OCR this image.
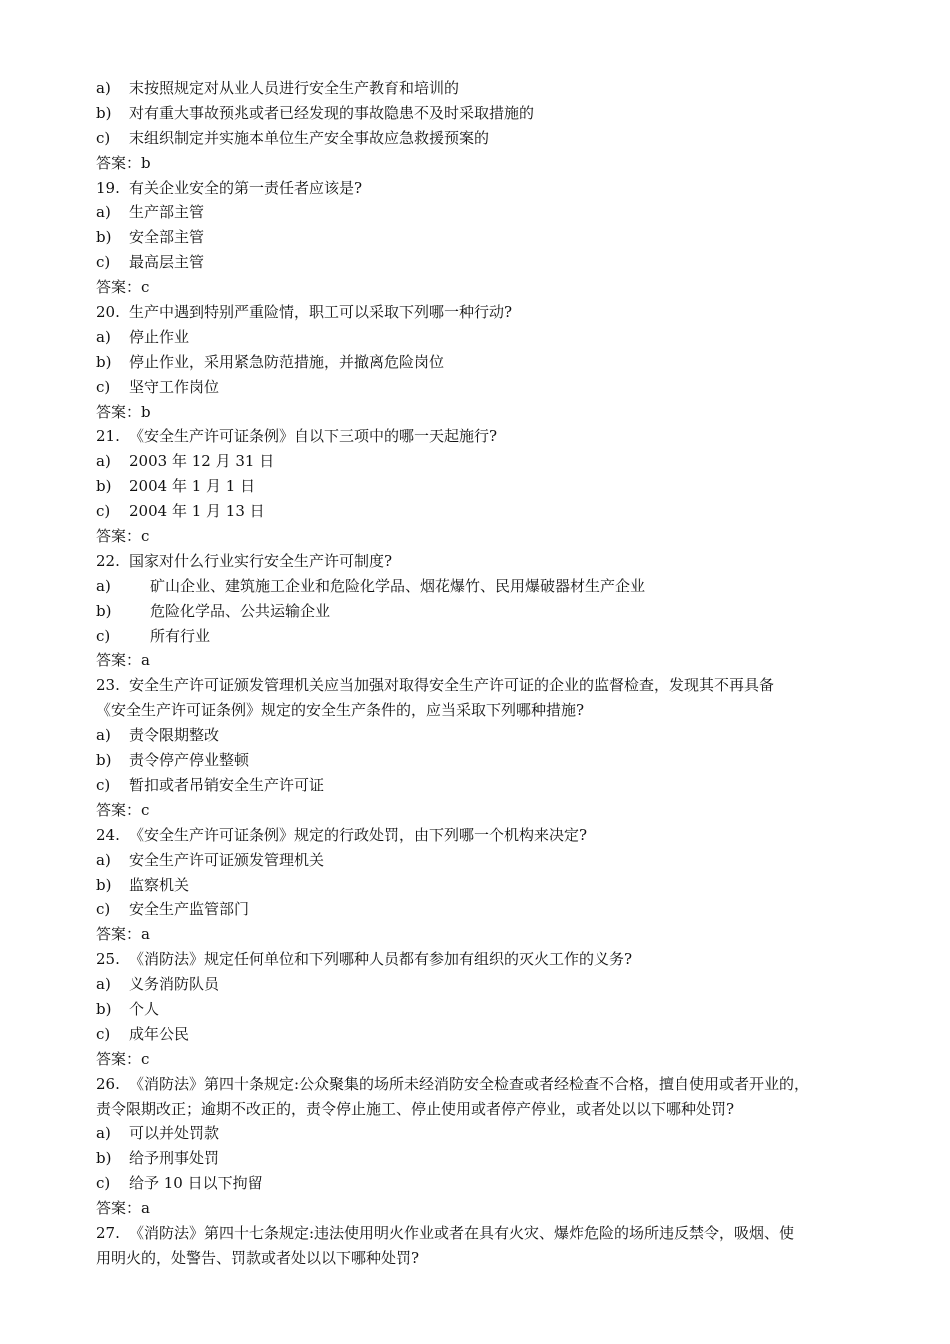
a) 末按照规定对从业人员进行安全生产教育和培训的
b) 对有重大事故预兆或者已经发现的事故隐患不及时采取措施的
c) 末组织制定并实施本单位生产安全事故应急救援预案的
答案：b
19. 有关企业安全的第一责任者应该是?
a) 生产部主管
b) 安全部主管
c) 最高层主管
答案：c
20. 生产中遇到特别严重险情，职工可以采取下列哪一种行动?
a) 停止作业
b) 停止作业，采用紧急防范措施，并撤离危险岗位
c) 坚守工作岗位
答案：b
21. 《安全生产许可证条例》自以下三项中的哪一天起施行?
a) 2003 年 12 月 31 日
b) 2004 年 1 月 1 日
c) 2004 年 1 月 13 日
答案：c
22. 国家对什么行业实行安全生产许可制度?
a)	矿山企业、建筑施工企业和危险化学品、烟花爆竹、民用爆破器材生产企业
b)	危险化学品、公共运输企业
c)	所有行业
答案：a
23. 安全生产许可证颁发管理机关应当加强对取得安全生产许可证的企业的监督检查，发现其不再具备
《安全生产许可证条例》规定的安全生产条件的，应当采取下列哪种措施?
a) 责令限期整改
b) 责令停产停业整顿
c) 暂扣或者吊销安全生产许可证
答案：c
24. 《安全生产许可证条例》规定的行政处罚，由下列哪一个机构来决定?
a) 安全生产许可证颁发管理机关
b) 监察机关
c) 安全生产监管部门
答案：a
25. 《消防法》规定任何单位和下列哪种人员都有参加有组织的灭火工作的义务?
a) 义务消防队员
b) 个人
c) 成年公民
答案：c
26. 《消防法》第四十条规定:公众聚集的场所未经消防安全检查或者经检查不合格，擅自使用或者开业的，
责令限期改正；逾期不改正的，责令停止施工、停止使用或者停产停业，或者处以以下哪种处罚?
a) 可以并处罚款
b) 给予刑事处罚
c) 给予 10 日以下拘留
答案：a
27. 《消防法》第四十七条规定:违法使用明火作业或者在具有火灾、爆炸危险的场所违反禁令，吸烟、使
用明火的，处警告、罚款或者处以以下哪种处罚?
